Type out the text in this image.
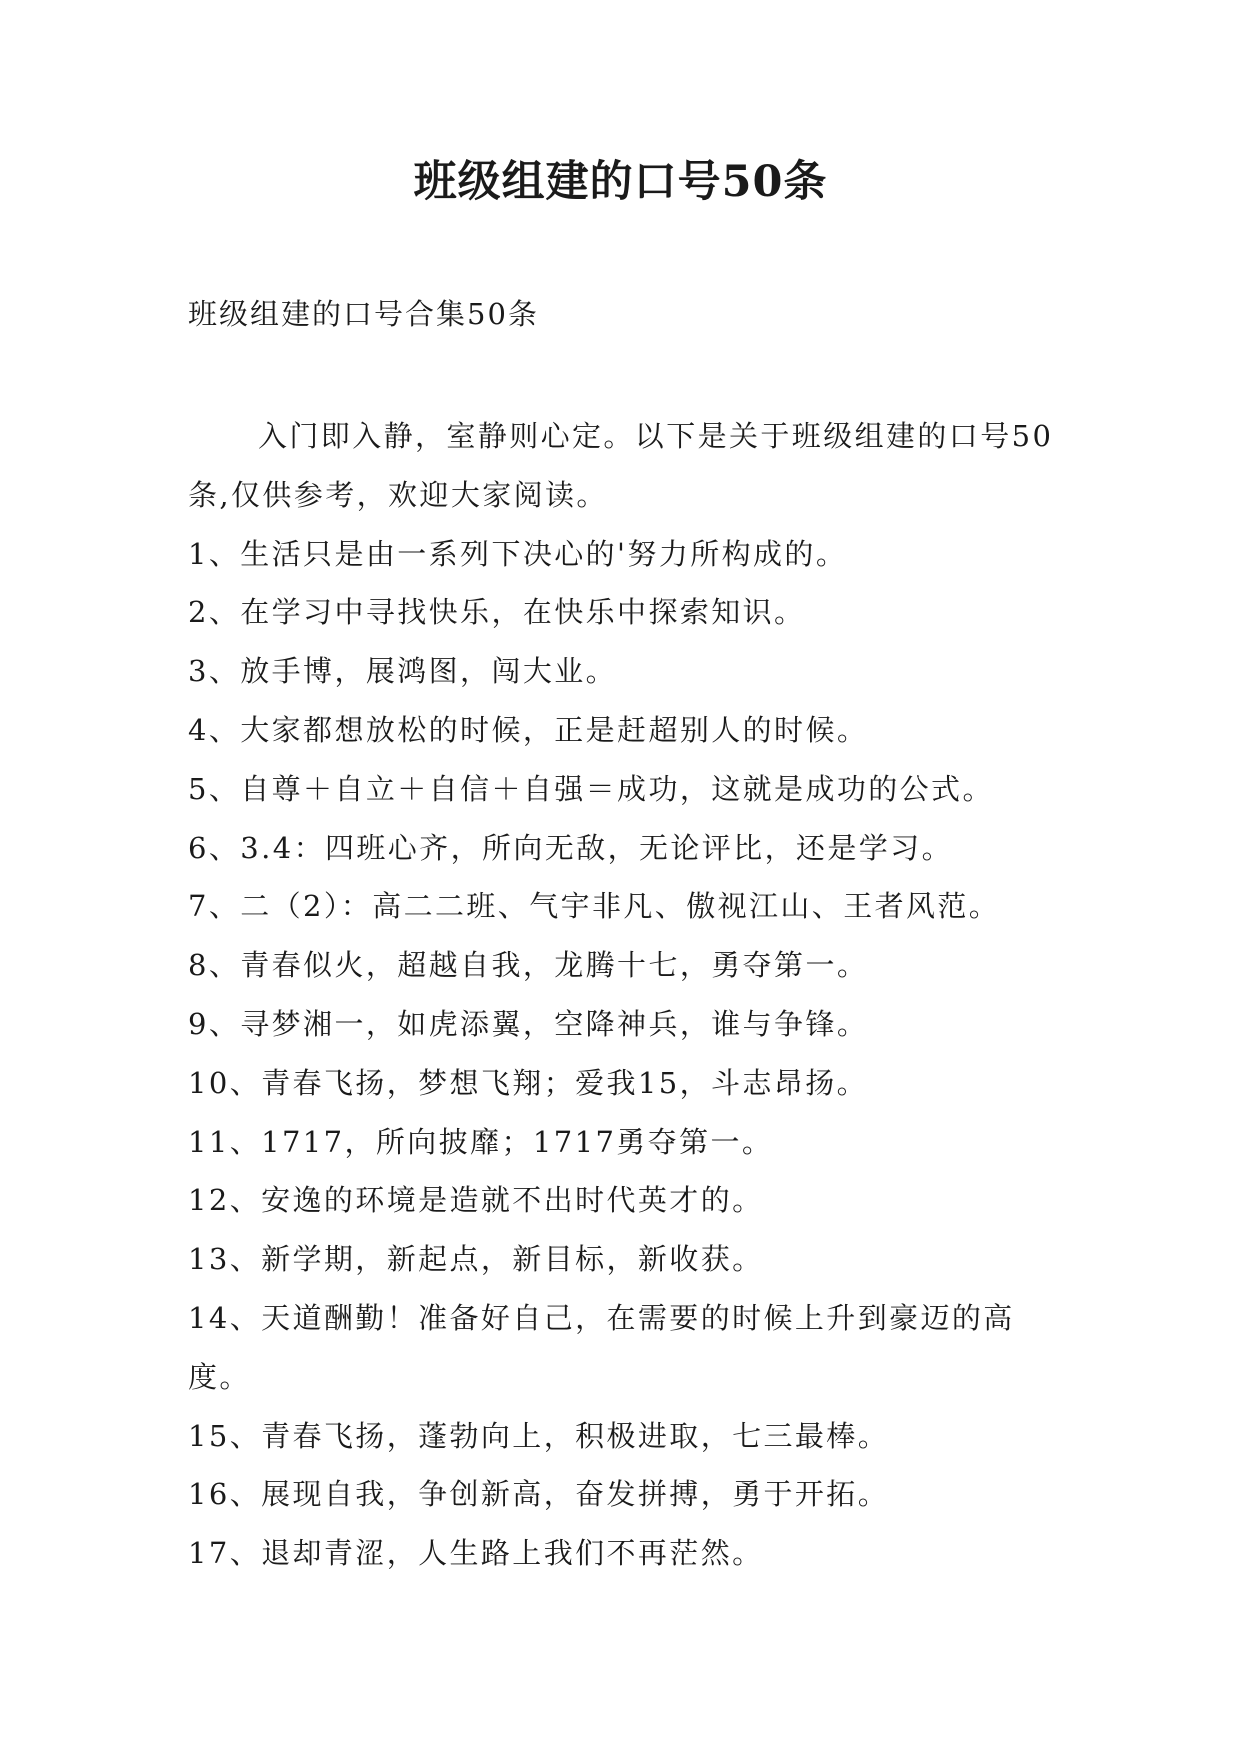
班级组建的口号50条

班级组建的口号合集50条

入门即入静，室静则心定。以下是关于班级组建的口号50条,仅供参考，欢迎大家阅读。

1、生活只是由一系列下决心的'努力所构成的。

2、在学习中寻找快乐，在快乐中探索知识。

3、放手博，展鸿图，闯大业。

4、大家都想放松的时候，正是赶超别人的时候。

5、自尊＋自立＋自信＋自强＝成功，这就是成功的公式。

6、3.4：四班心齐，所向无敌，无论评比，还是学习。

7、二（2）：高二二班、气宇非凡、傲视江山、王者风范。

8、青春似火，超越自我，龙腾十七，勇夺第一。

9、寻梦湘一，如虎添翼，空降神兵，谁与争锋。

10、青春飞扬，梦想飞翔；爱我15，斗志昂扬。

11、1717，所向披靡；1717勇夺第一。

12、安逸的环境是造就不出时代英才的。

13、新学期，新起点，新目标，新收获。

14、天道酬勤！准备好自己，在需要的时候上升到豪迈的高度。

15、青春飞扬，蓬勃向上，积极进取，七三最棒。

16、展现自我，争创新高，奋发拼搏，勇于开拓。

17、退却青涩，人生路上我们不再茫然。
